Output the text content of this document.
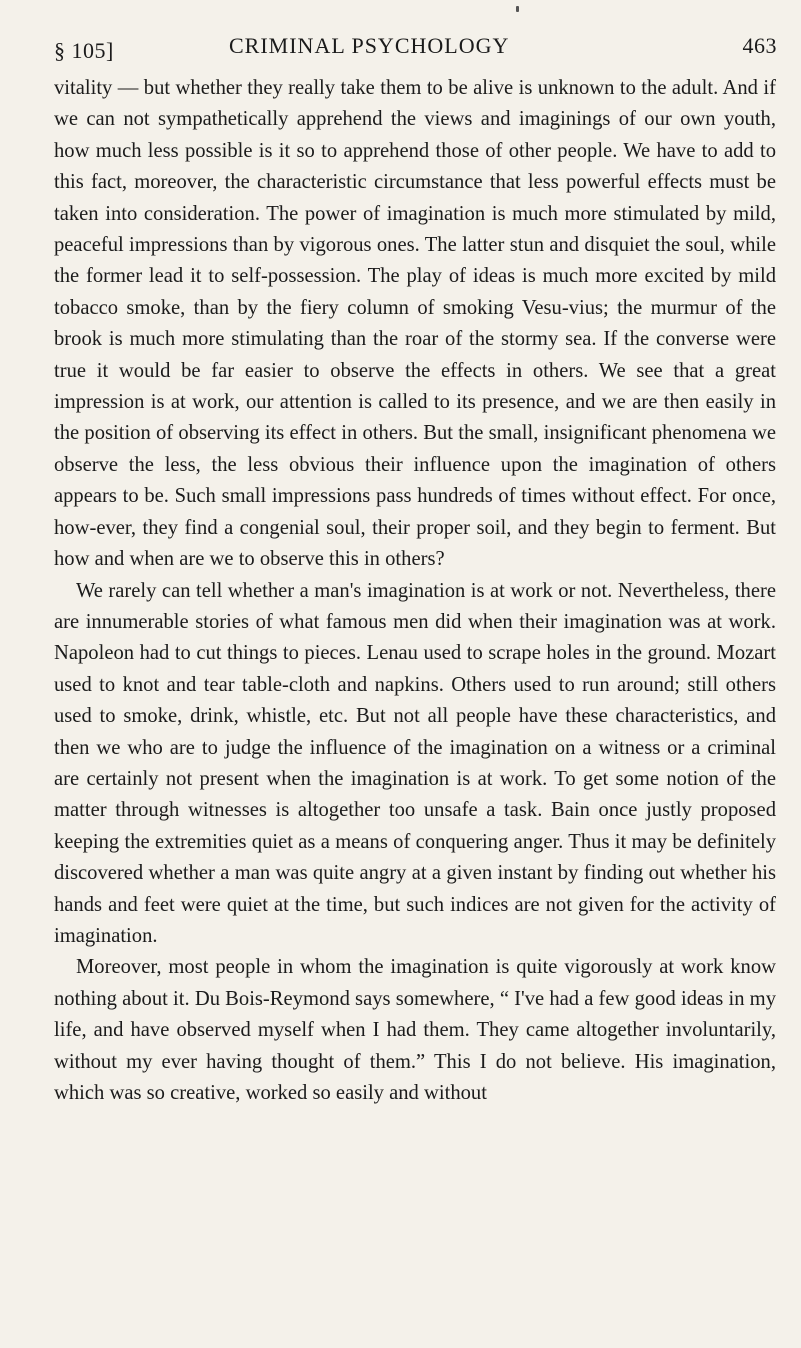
§ 105]	CRIMINAL PSYCHOLOGY	463

vitality — but whether they really take them to be alive is unknown to the adult. And if we can not sympathetically apprehend the views and imaginings of our own youth, how much less possible is it so to apprehend those of other people. We have to add to this fact, moreover, the characteristic circumstance that less powerful effects must be taken into consideration. The power of imagination is much more stimulated by mild, peaceful impressions than by vigorous ones. The latter stun and disquiet the soul, while the former lead it to self-possession. The play of ideas is much more excited by mild tobacco smoke, than by the fiery column of smoking Vesu-vius; the murmur of the brook is much more stimulating than the roar of the stormy sea. If the converse were true it would be far easier to observe the effects in others. We see that a great impression is at work, our attention is called to its presence, and we are then easily in the position of observing its effect in others. But the small, insignificant phenomena we observe the less, the less obvious their influence upon the imagination of others appears to be. Such small impressions pass hundreds of times without effect. For once, how-ever, they find a congenial soul, their proper soil, and they begin to ferment. But how and when are we to observe this in others?

We rarely can tell whether a man's imagination is at work or not. Nevertheless, there are innumerable stories of what famous men did when their imagination was at work. Napoleon had to cut things to pieces. Lenau used to scrape holes in the ground. Mozart used to knot and tear table-cloth and napkins. Others used to run around; still others used to smoke, drink, whistle, etc. But not all people have these characteristics, and then we who are to judge the influence of the imagination on a witness or a criminal are certainly not present when the imagination is at work. To get some notion of the matter through witnesses is altogether too unsafe a task. Bain once justly proposed keeping the extremities quiet as a means of conquering anger. Thus it may be definitely discovered whether a man was quite angry at a given instant by finding out whether his hands and feet were quiet at the time, but such indices are not given for the activity of imagination.

Moreover, most people in whom the imagination is quite vigorously at work know nothing about it. Du Bois-Reymond says somewhere, “ I've had a few good ideas in my life, and have observed myself when I had them. They came altogether involuntarily, without my ever having thought of them.” This I do not believe. His imagination, which was so creative, worked so easily and without
